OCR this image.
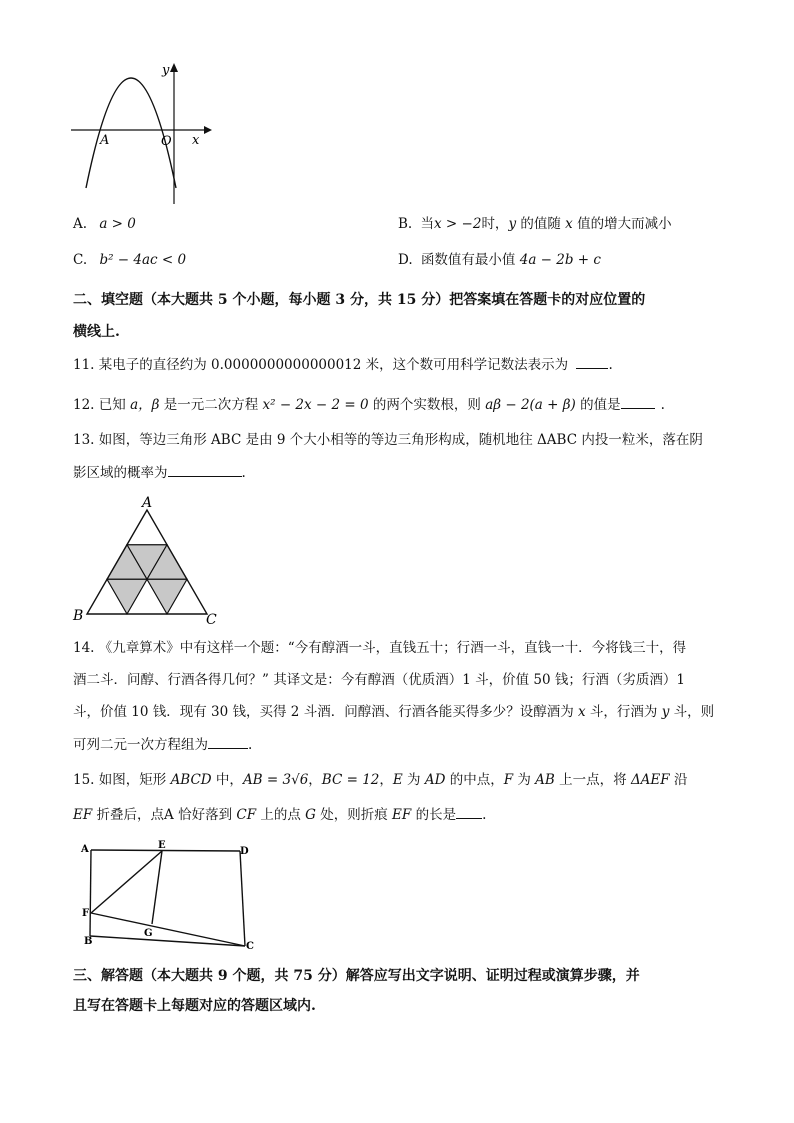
y
x
A	O
A. a > 0	B. 当x > −2时，y 的值随 x 值的增大而减小
C. b² − 4ac < 0	D. 函数值有最小值 4a − 2b + c
二、填空题（本大题共 5 个小题，每小题 3 分，共 15 分）把答案填在答题卡的对应位置的
横线上.
11. 某电子的直径约为 0.0000000000000012 米，这个数可用科学记数法表示为	.
12. 已知 a，β 是一元二次方程 x² − 2x − 2 = 0 的两个实数根，则 aβ − 2(a + β) 的值是	.
13. 如图，等边三角形 ABC 是由 9 个大小相等的等边三角形构成，随机地往 ΔABC 内投一粒米，落在阴
影区域的概率为	.
A
B	C
14. 《九章算术》中有这样一个题：“今有醇酒一斗，直钱五十；行酒一斗，直钱一十．今将钱三十，得
酒二斗．问醇、行酒各得几何？” 其译文是：今有醇酒（优质酒）1 斗，价值 50 钱；行酒（劣质酒）1
斗，价值 10 钱．现有 30 钱，买得 2 斗酒．问醇酒、行酒各能买得多少？设醇酒为 x 斗，行酒为 y 斗，则
可列二元一次方程组为	.
15. 如图，矩形 ABCD 中，AB = 3√6，BC = 12，E 为 AD 的中点，F 为 AB 上一点，将 ΔAEF 沿
EF 折叠后，点A 恰好落到 CF 上的点 G 处，则折痕 EF 的长是 .
A	E
D
F
G
B	C
三、解答题（本大题共 9 个题，共 75 分）解答应写出文字说明、证明过程或演算步骤，并
且写在答题卡上每题对应的答题区域内.
